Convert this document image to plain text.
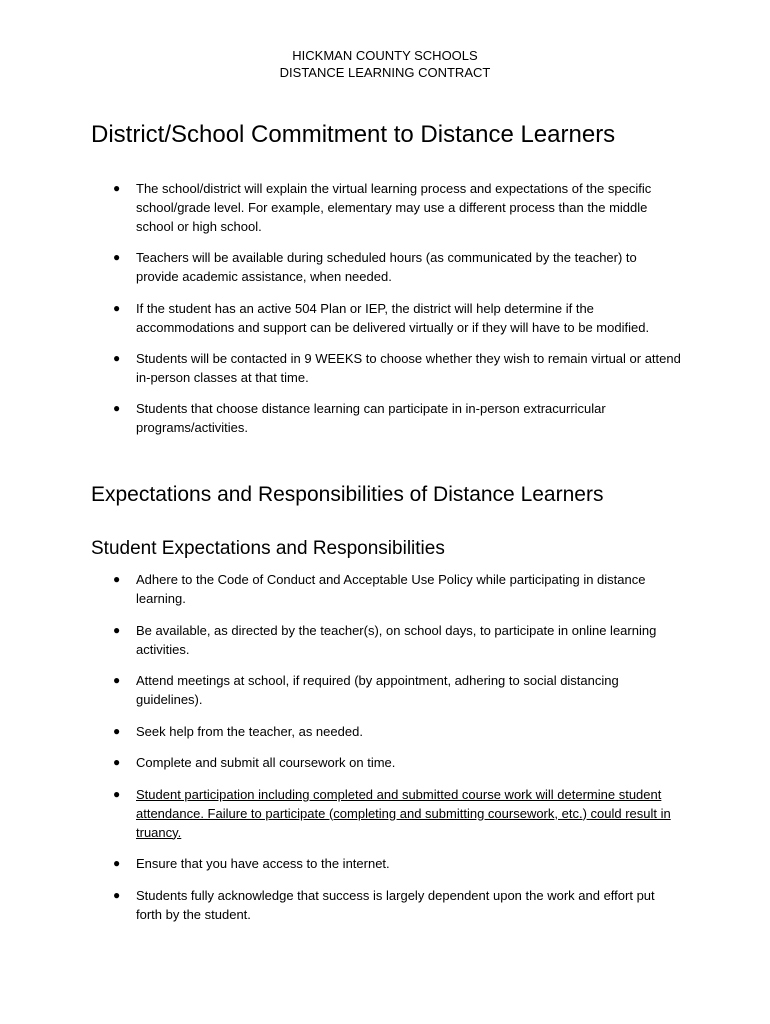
HICKMAN COUNTY SCHOOLS
DISTANCE LEARNING CONTRACT
District/School Commitment to Distance Learners
● The school/district will explain the virtual learning process and expectations of the specific school/grade level. For example, elementary may use a different process than the middle school or high school.
● Teachers will be available during scheduled hours (as communicated by the teacher) to provide academic assistance, when needed.
● If the student has an active 504 Plan or IEP, the district will help determine if the accommodations and support can be delivered virtually or if they will have to be modified.
● Students will be contacted in 9 WEEKS to choose whether they wish to remain virtual or attend in-person classes at that time.
● Students that choose distance learning can participate in in-person extracurricular programs/activities.
Expectations and Responsibilities of Distance Learners
Student Expectations and Responsibilities
● Adhere to the Code of Conduct and Acceptable Use Policy while participating in distance learning.
● Be available, as directed by the teacher(s), on school days, to participate in online learning activities.
● Attend meetings at school, if required (by appointment, adhering to social distancing guidelines).
● Seek help from the teacher, as needed.
● Complete and submit all coursework on time.
● Student participation including completed and submitted course work will determine student attendance. Failure to participate (completing and submitting coursework, etc.) could result in truancy.
● Ensure that you have access to the internet.
● Students fully acknowledge that success is largely dependent upon the work and effort put forth by the student.
